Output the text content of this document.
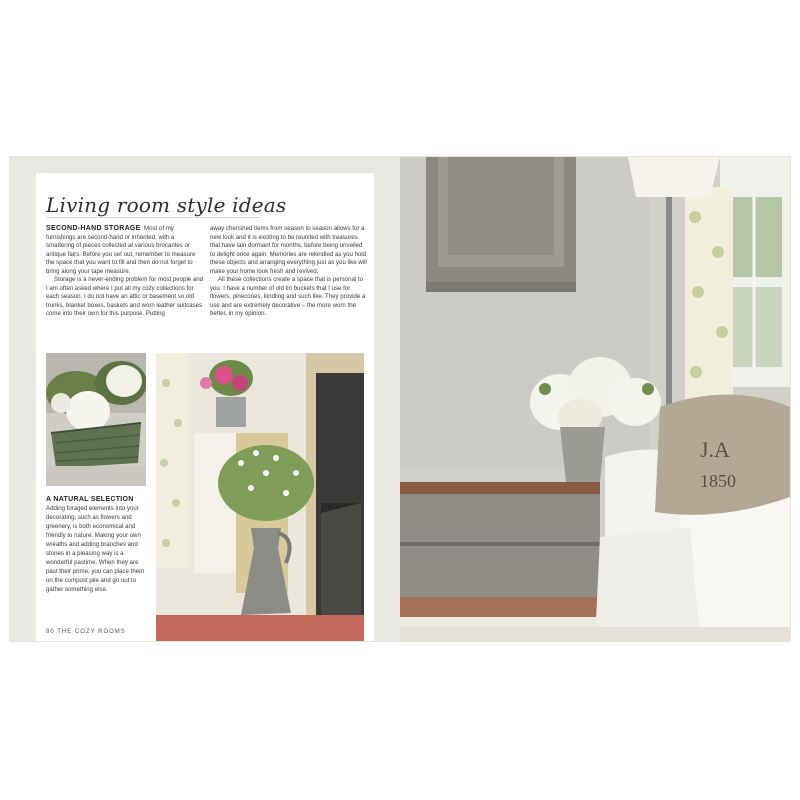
Living room style ideas

SECOND-HAND STORAGE Most of my furnishings are second-hand or inherited, with a smattering of pieces collected at various brocantes or antique fairs. Before you set out, remember to measure the space that you want to fill and then do not forget to bring along your tape measure.

Storage is a never-ending problem for most people and I am often asked where I put all my cozy collections for each season. I do not have an attic or basement so old trunks, blanket boxes, baskets and worn leather suitcases come into their own for this purpose. Putting

away cherished items from season to season allows for a new look and it is exciting to be reunited with treasures that have lain dormant for months, before being unveiled to delight once again. Memories are rekindled as you hold these objects and arranging everything just as you like will make your home look fresh and revived.

All these collections create a space that is personal to you. I have a number of old tin buckets that I use for flowers, pinecones, kindling and such like. They provide a use and are extremely decorative – the more worn the better, in my opinion.

A NATURAL SELECTION

Adding foraged elements into your decorating, such as flowers and greenery, is both economical and friendly to nature. Making your own wreaths and adding branches and stones in a pleasing way is a wonderful pastime. When they are past their prime, you can place them on the compost pile and go out to gather something else.

80 THE COZY ROOMS
J.A
1850
